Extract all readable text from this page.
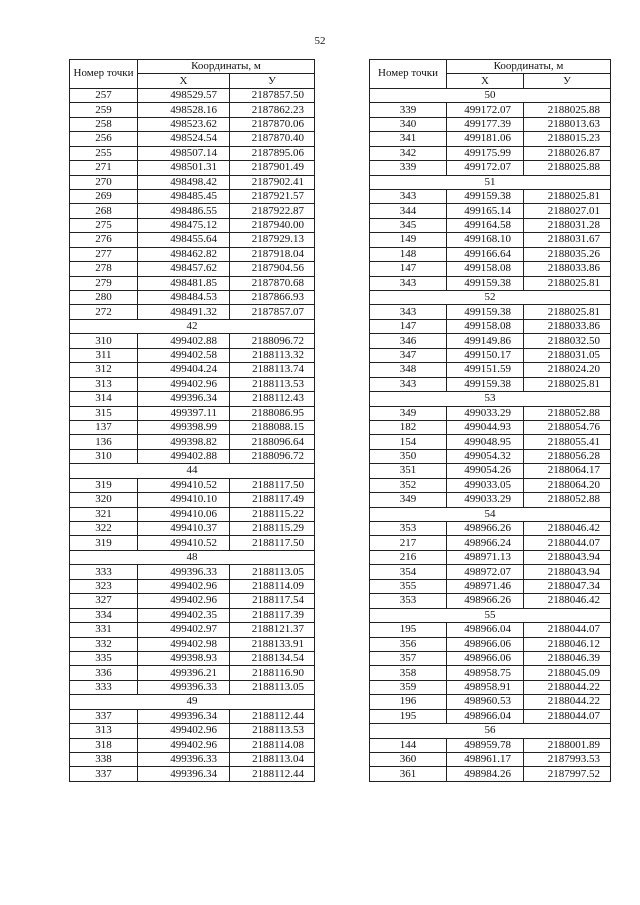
52
Номер точки	Координаты, м	
	Х	У
257	498529.57	2187857.50
259	498528.16	2187862.23
258	498523.62	2187870.06
256	498524.54	2187870.40
255	498507.14	2187895.06
271	498501.31	2187901.49
270	498498.42	2187902.41
269	498485.45	2187921.57
268	498486.55	2187922.87
275	498475.12	2187940.00
276	498455.64	2187929.13
277	498462.82	2187918.04
278	498457.62	2187904.56
279	498481.85	2187870.68
280	498484.53	2187866.93
272	498491.32	2187857.07
42		
310	499402.88	2188096.72
311	499402.58	2188113.32
312	499404.24	2188113.74
313	499402.96	2188113.53
314	499396.34	2188112.43
315	499397.11	2188086.95
137	499398.99	2188088.15
136	499398.82	2188096.64
310	499402.88	2188096.72
44		
319	499410.52	2188117.50
320	499410.10	2188117.49
321	499410.06	2188115.22
322	499410.37	2188115.29
319	499410.52	2188117.50
48		
333	499396.33	2188113.05
323	499402.96	2188114.09
327	499402.96	2188117.54
334	499402.35	2188117.39
331	499402.97	2188121.37
332	499402.98	2188133.91
335	499398.93	2188134.54
336	499396.21	2188116.90
333	499396.33	2188113.05
49		
337	499396.34	2188112.44
313	499402.96	2188113.53
318	499402.96	2188114.08
338	499396.33	2188113.04
337	499396.34	2188112.44
Номер точки	Координаты, м	
	Х	У
50		
339	499172.07	2188025.88
340	499177.39	2188013.63
341	499181.06	2188015.23
342	499175.99	2188026.87
339	499172.07	2188025.88
51		
343	499159.38	2188025.81
344	499165.14	2188027.01
345	499164.58	2188031.28
149	499168.10	2188031.67
148	499166.64	2188035.26
147	499158.08	2188033.86
343	499159.38	2188025.81
52		
343	499159.38	2188025.81
147	499158.08	2188033.86
346	499149.86	2188032.50
347	499150.17	2188031.05
348	499151.59	2188024.20
343	499159.38	2188025.81
53		
349	499033.29	2188052.88
182	499044.93	2188054.76
154	499048.95	2188055.41
350	499054.32	2188056.28
351	499054.26	2188064.17
352	499033.05	2188064.20
349	499033.29	2188052.88
54		
353	498966.26	2188046.42
217	498966.24	2188044.07
216	498971.13	2188043.94
354	498972.07	2188043.94
355	498971.46	2188047.34
353	498966.26	2188046.42
55		
195	498966.04	2188044.07
356	498966.06	2188046.12
357	498966.06	2188046.39
358	498958.75	2188045.09
359	498958.91	2188044.22
196	498960.53	2188044.22
195	498966.04	2188044.07
56		
144	498959.78	2188001.89
360	498961.17	2187993.53
361	498984.26	2187997.52
